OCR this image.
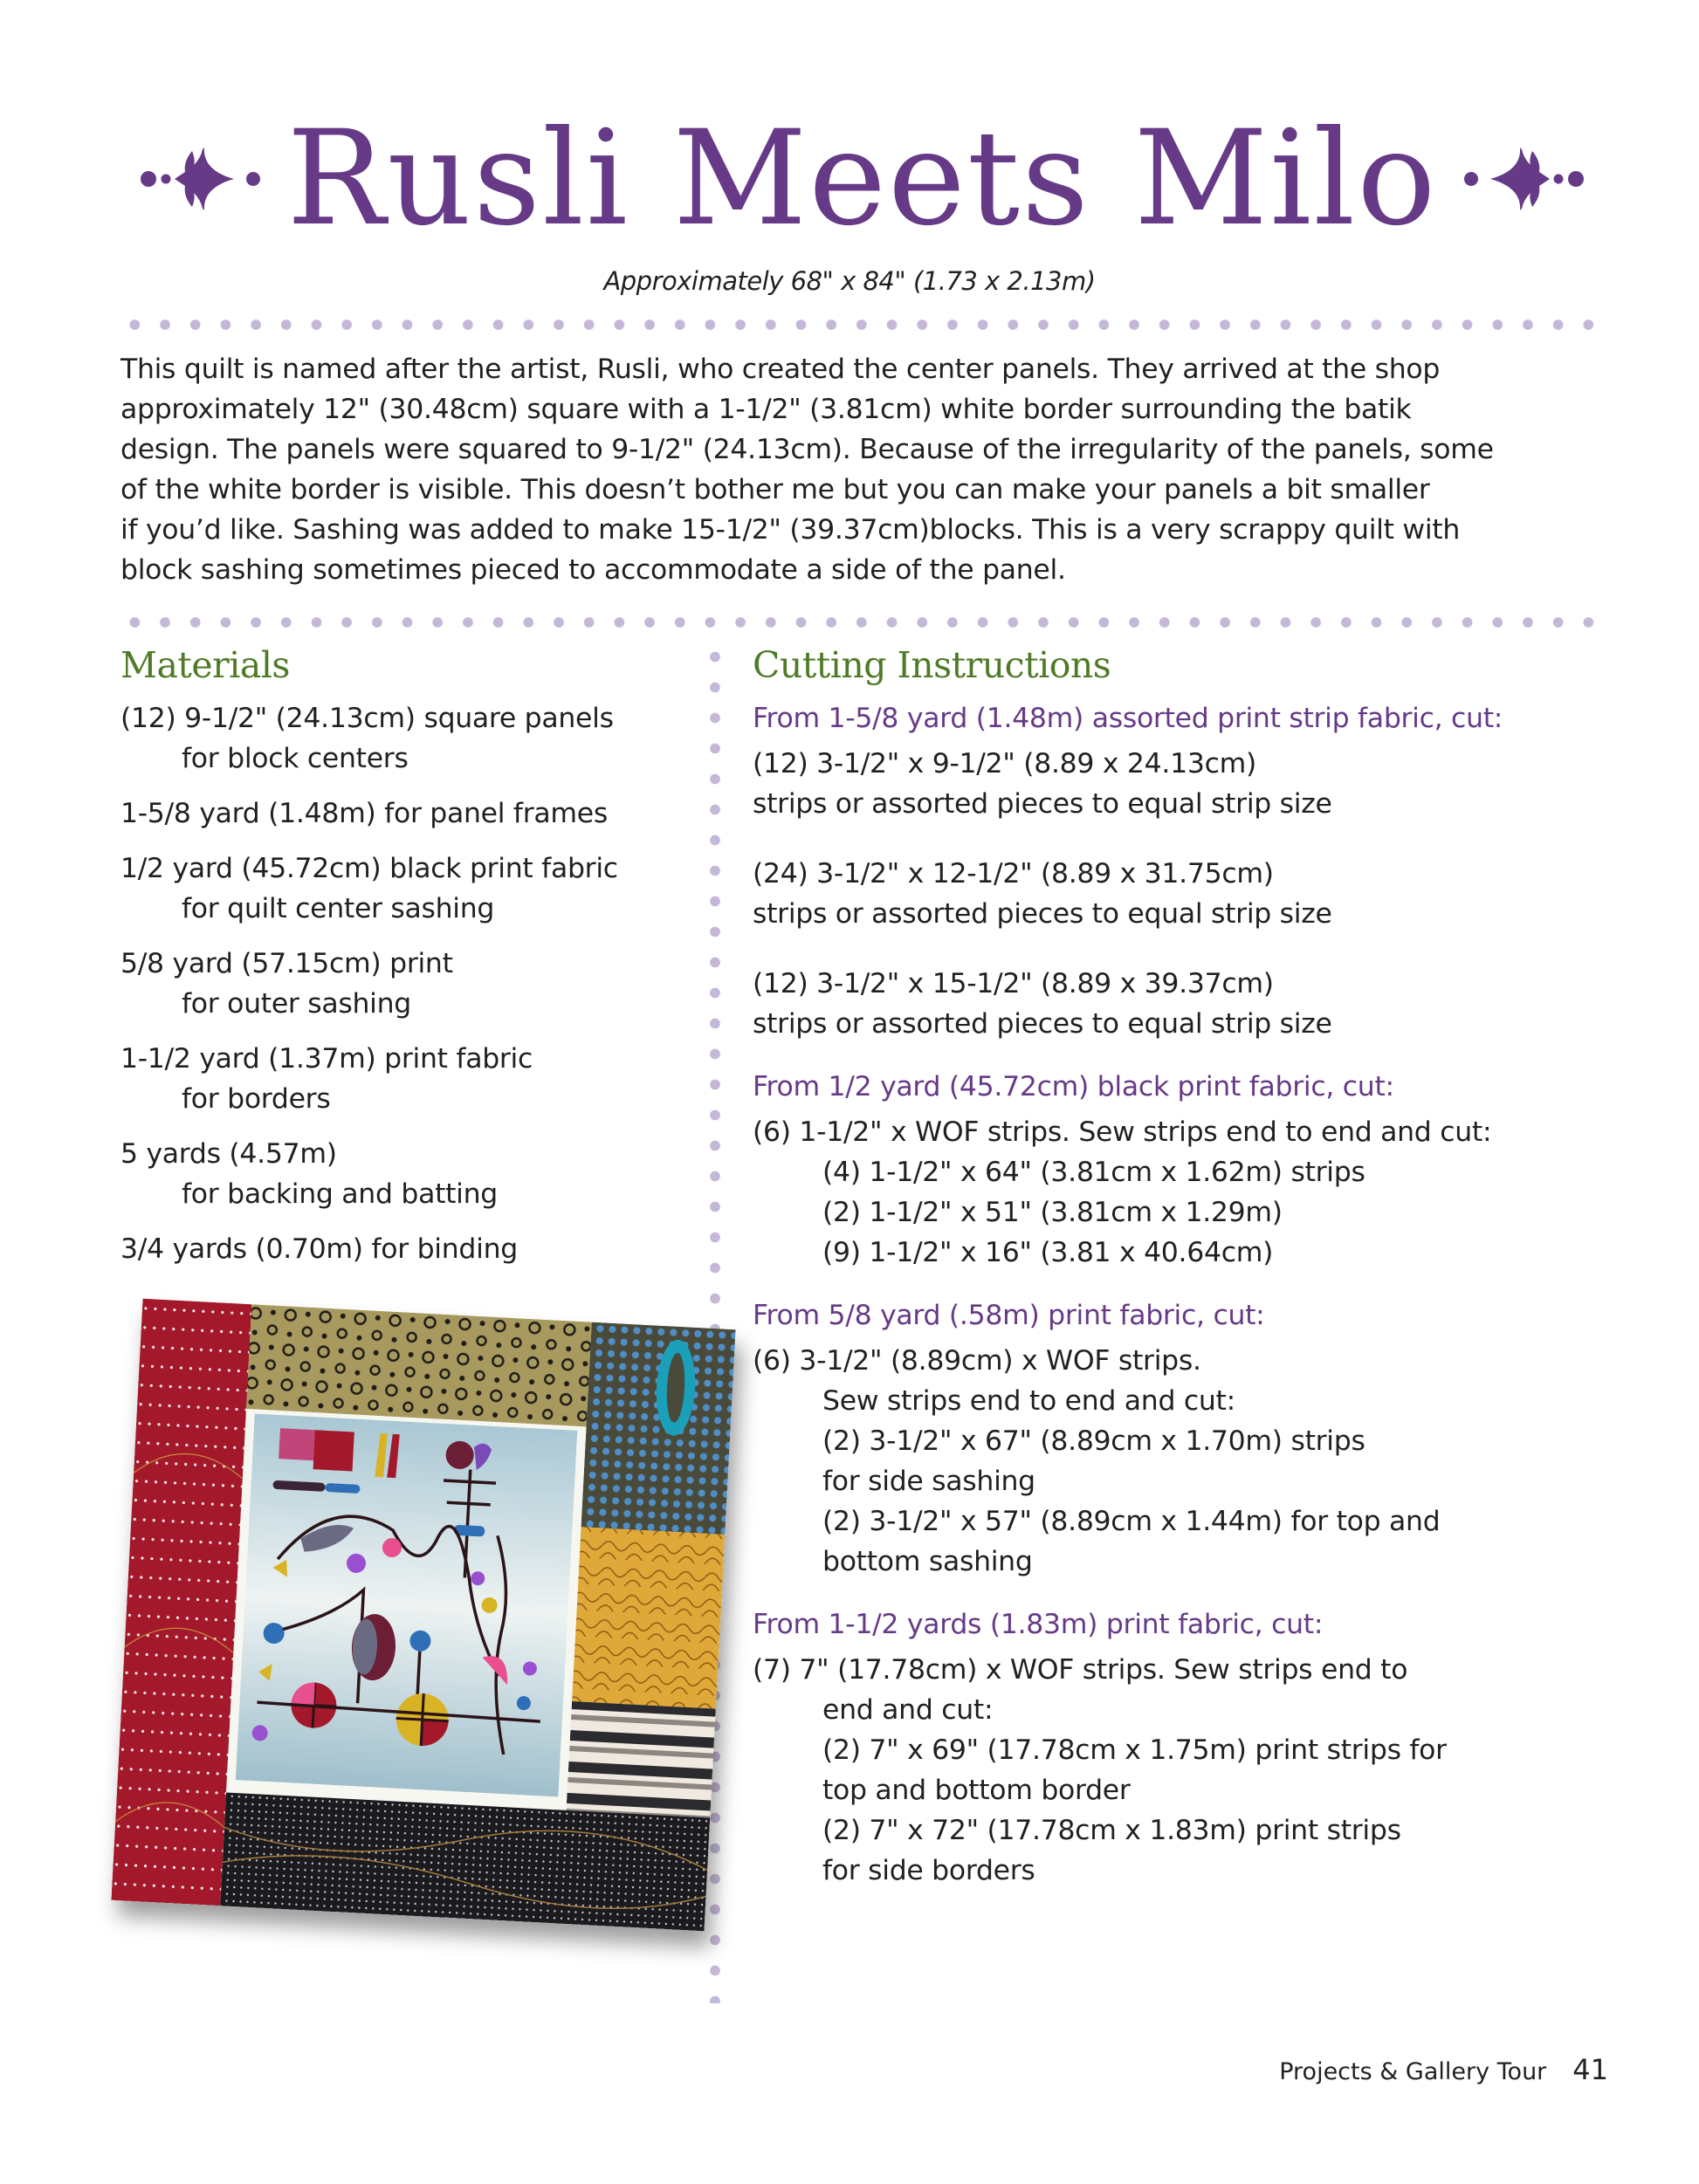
Rusli Meets Milo
Approximately 68" x 84" (1.73 x 2.13m)
This quilt is named after the artist, Rusli, who created the center panels. They arrived at the shop
approximately 12" (30.48cm) square with a 1-1/2" (3.81cm) white border surrounding the batik
design. The panels were squared to 9-1/2" (24.13cm). Because of the irregularity of the panels, some
of the white border is visible. This doesn’t bother me but you can make your panels a bit smaller
if you’d like. Sashing was added to make 15-1/2" (39.37cm)blocks. This is a very scrappy quilt with
block sashing sometimes pieced to accommodate a side of the panel.
Materials
(12) 9-1/2" (24.13cm) square panels
for block centers
1-5/8 yard (1.48m) for panel frames
1/2 yard (45.72cm) black print fabric
for quilt center sashing
5/8 yard (57.15cm) print
for outer sashing
1-1/2 yard (1.37m) print fabric
for borders
5 yards (4.57m)
for backing and batting
3/4 yards (0.70m) for binding
Cutting Instructions
From 1-5/8 yard (1.48m) assorted print strip fabric, cut:
(12) 3-1/2" x 9-1/2" (8.89 x 24.13cm)
strips or assorted pieces to equal strip size
(24) 3-1/2" x 12-1/2" (8.89 x 31.75cm)
strips or assorted pieces to equal strip size
(12) 3-1/2" x 15-1/2" (8.89 x 39.37cm)
strips or assorted pieces to equal strip size
From 1/2 yard (45.72cm) black print fabric, cut:
(6) 1-1/2" x WOF strips. Sew strips end to end and cut:
(4) 1-1/2" x 64" (3.81cm x 1.62m) strips
(2) 1-1/2" x 51" (3.81cm x 1.29m)
(9) 1-1/2" x 16" (3.81 x 40.64cm)
From 5/8 yard (.58m) print fabric, cut:
(6) 3-1/2" (8.89cm) x WOF strips.
Sew strips end to end and cut:
(2) 3-1/2" x 67" (8.89cm x 1.70m) strips
for side sashing
(2) 3-1/2" x 57" (8.89cm x 1.44m) for top and
bottom sashing
From 1-1/2 yards (1.83m) print fabric, cut:
(7) 7" (17.78cm) x WOF strips. Sew strips end to
end and cut:
(2) 7" x 69" (17.78cm x 1.75m) print strips for
top and bottom border
(2) 7" x 72" (17.78cm x 1.83m) print strips
for side borders
Projects & Gallery Tour 41
